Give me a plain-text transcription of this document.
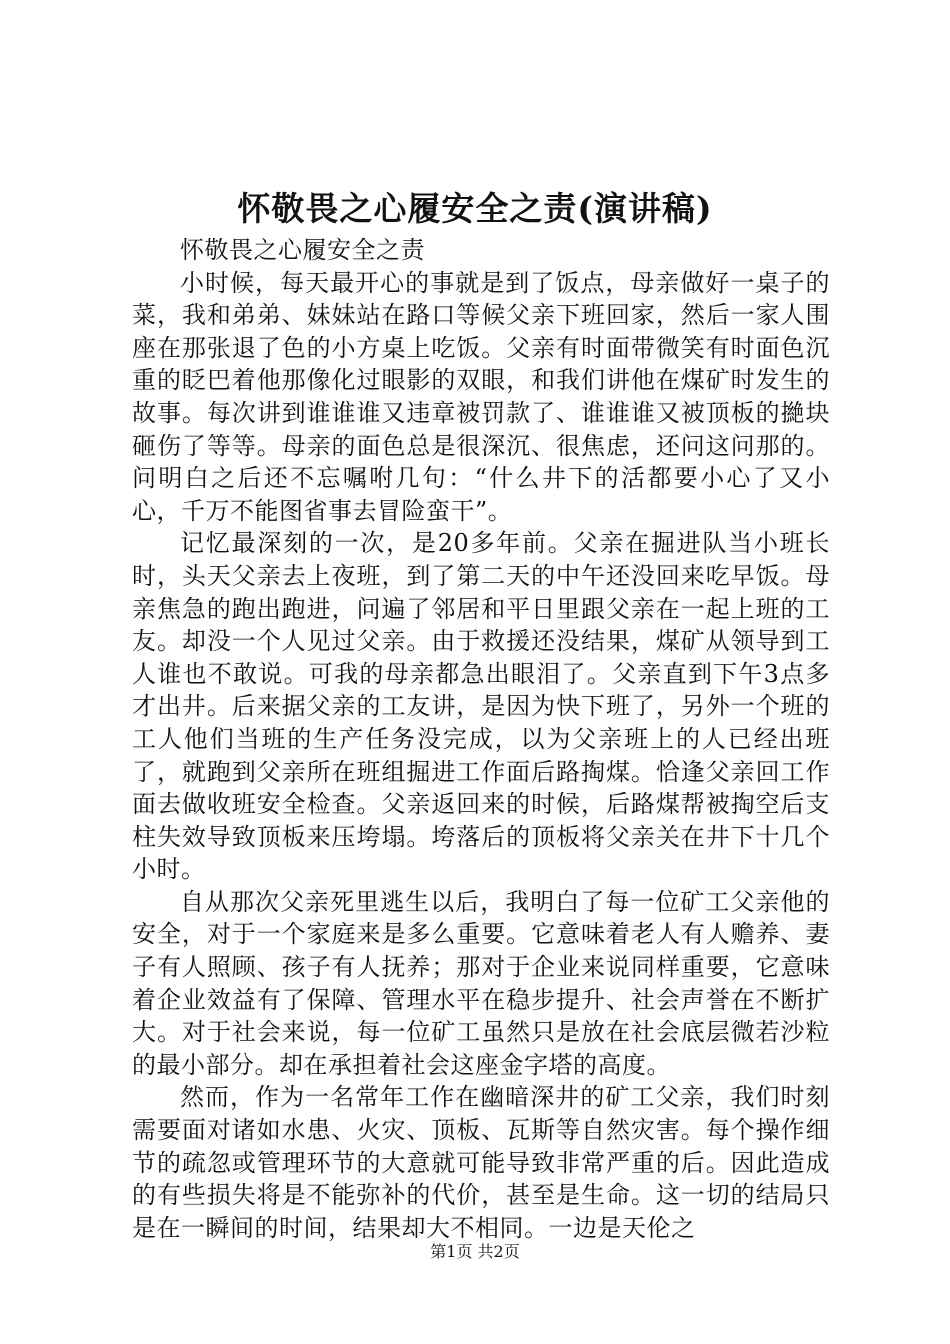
怀敬畏之心履安全之责(演讲稿)

怀敬畏之心履安全之责

小时候，每天最开心的事就是到了饭点，母亲做好一桌子的菜，我和弟弟、妹妹站在路口等候父亲下班回家，然后一家人围座在那张退了色的小方桌上吃饭。父亲有时面带微笑有时面色沉重的眨巴着他那像化过眼影的双眼，和我们讲他在煤矿时发生的故事。每次讲到谁谁谁又违章被罚款了、谁谁谁又被顶板的撧块砸伤了等等。母亲的面色总是很深沉、很焦虑，还问这问那的。问明白之后还不忘嘱咐几句：“什么井下的活都要小心了又小心，千万不能图省事去冒险蛮干”。

记忆最深刻的一次，是20多年前。父亲在掘进队当小班长时，头天父亲去上夜班，到了第二天的中午还没回来吃早饭。母亲焦急的跑出跑进，问遍了邻居和平日里跟父亲在一起上班的工友。却没一个人见过父亲。由于救援还没结果，煤矿从领导到工人谁也不敢说。可我的母亲都急出眼泪了。父亲直到下午3点多才出井。后来据父亲的工友讲，是因为快下班了，另外一个班的工人他们当班的生产任务没完成，以为父亲班上的人已经出班了，就跑到父亲所在班组掘进工作面后路掏煤。恰逢父亲回工作面去做收班安全检查。父亲返回来的时候，后路煤帮被掏空后支柱失效导致顶板来压垮塌。垮落后的顶板将父亲关在井下十几个小时。

自从那次父亲死里逃生以后，我明白了每一位矿工父亲他的安全，对于一个家庭来是多么重要。它意味着老人有人赡养、妻子有人照顾、孩子有人抚养；那对于企业来说同样重要，它意味着企业效益有了保障、管理水平在稳步提升、社会声誉在不断扩大。对于社会来说，每一位矿工虽然只是放在社会底层微若沙粒的最小部分。却在承担着社会这座金字塔的高度。

然而，作为一名常年工作在幽暗深井的矿工父亲，我们时刻需要面对诸如水患、火灾、顶板、瓦斯等自然灾害。每个操作细节的疏忽或管理环节的大意就可能导致非常严重的后。因此造成的有些损失将是不能弥补的代价，甚至是生命。这一切的结局只是在一瞬间的时间，结果却大不相同。一边是天伦之

第1页 共2页
